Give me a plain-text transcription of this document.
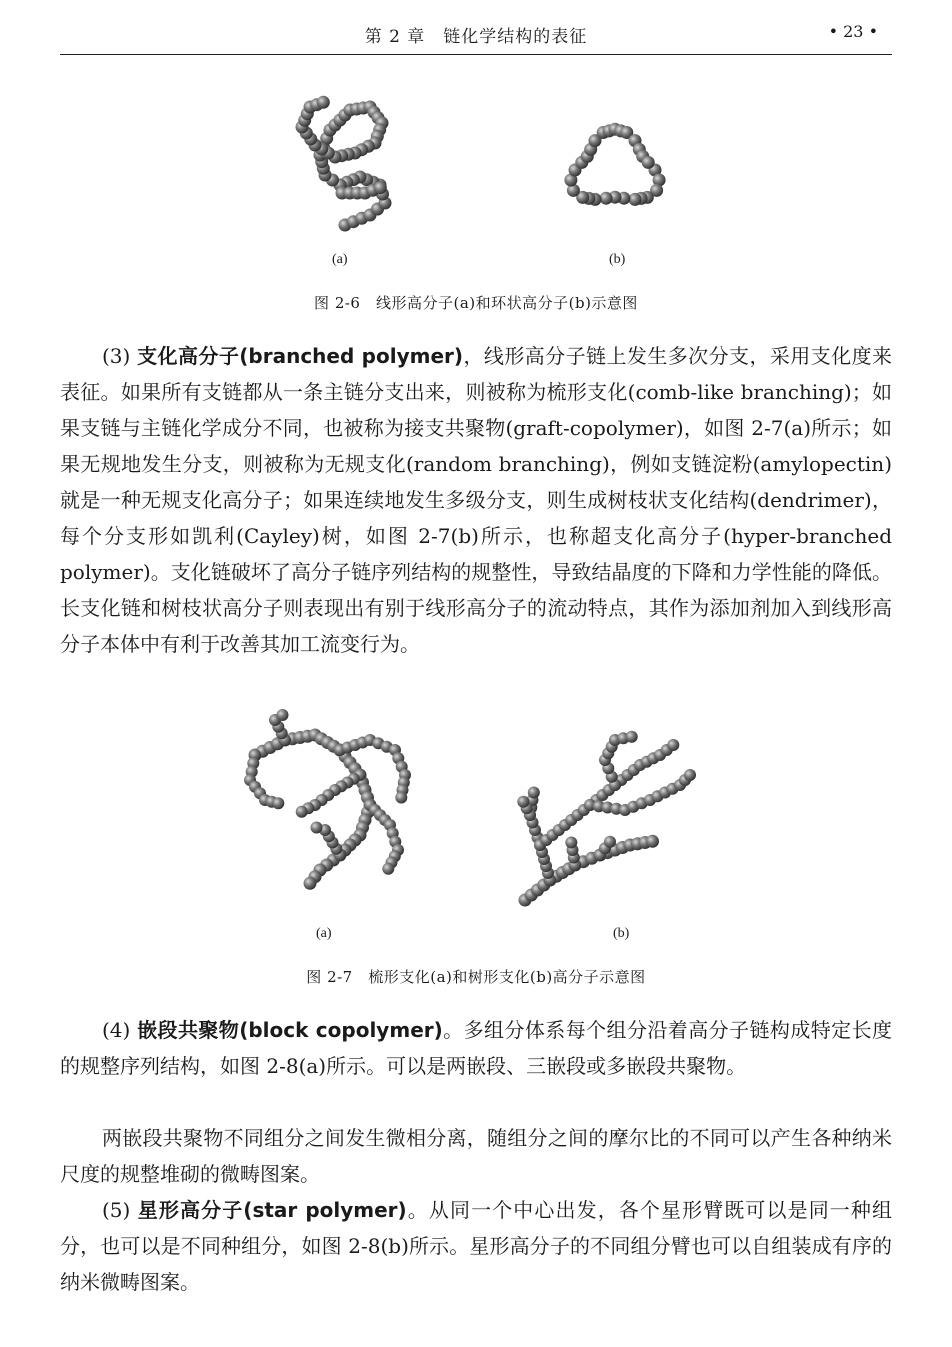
第 2 章　链化学结构的表征	• 23 •
(a)	(b)
图 2-6　线形高分子(a)和环状高分子(b)示意图

(3) 支化高分子(branched polymer)，线形高分子链上发生多次分支，采用支化度来表征。如果所有支链都从一条主链分支出来，则被称为梳形支化(comb-like branching)；如果支链与主链化学成分不同，也被称为接支共聚物(graft-copolymer)，如图 2-7(a)所示；如果无规地发生分支，则被称为无规支化(random branching)，例如支链淀粉(amylopectin)就是一种无规支化高分子；如果连续地发生多级分支，则生成树枝状支化结构(dendrimer)，每个分支形如凯利(Cayley)树，如图 2-7(b)所示，也称超支化高分子(hyper-branched polymer)。支化链破坏了高分子链序列结构的规整性，导致结晶度的下降和力学性能的降低。长支化链和树枝状高分子则表现出有别于线形高分子的流动特点，其作为添加剂加入到线形高分子本体中有利于改善其加工流变行为。

(a)	(b)
图 2-7　梳形支化(a)和树形支化(b)高分子示意图

(4) 嵌段共聚物(block copolymer)。多组分体系每个组分沿着高分子链构成特定长度的规整序列结构，如图 2-8(a)所示。可以是两嵌段、三嵌段或多嵌段共聚物。

两嵌段共聚物不同组分之间发生微相分离，随组分之间的摩尔比的不同可以产生各种纳米尺度的规整堆砌的微畴图案。

(5) 星形高分子(star polymer)。从同一个中心出发，各个星形臂既可以是同一种组分，也可以是不同种组分，如图 2-8(b)所示。星形高分子的不同组分臂也可以自组装成有序的纳米微畴图案。
